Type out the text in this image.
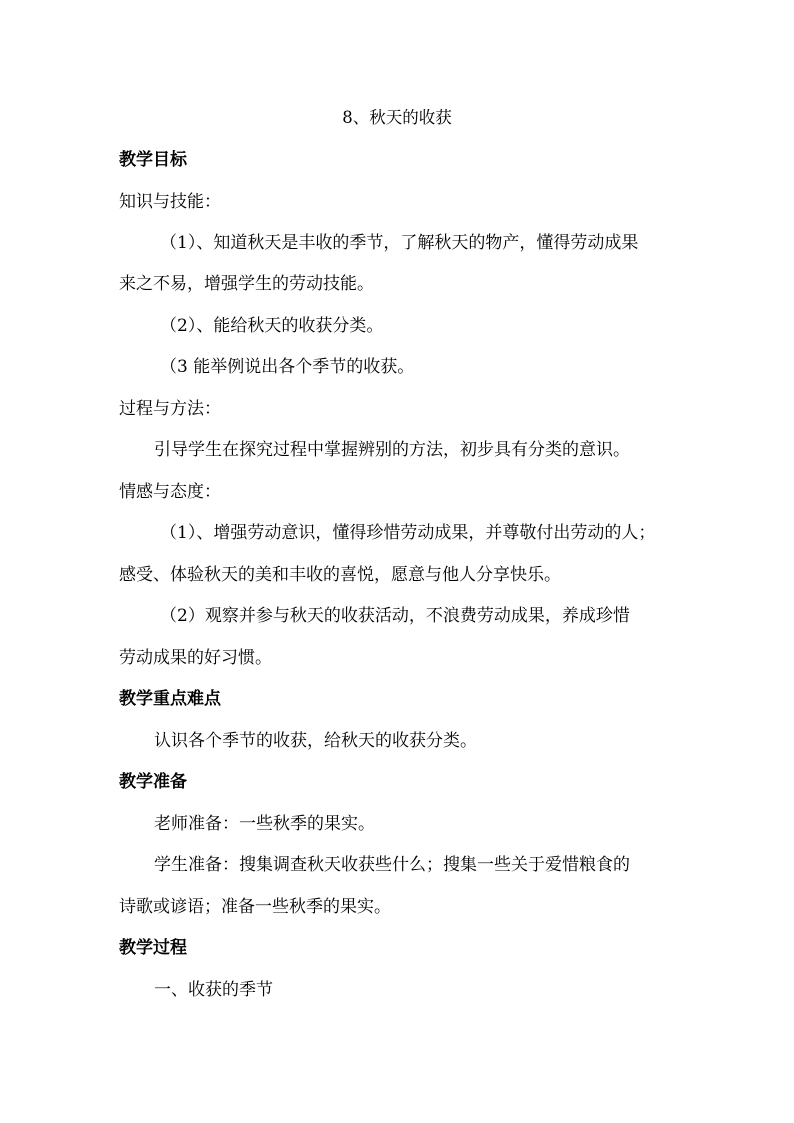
8、秋天的收获
教学目标
知识与技能：
（1）、知道秋天是丰收的季节，了解秋天的物产，懂得劳动成果
来之不易，增强学生的劳动技能。
（2）、能给秋天的收获分类。
（3 能举例说出各个季节的收获。
过程与方法：
引导学生在探究过程中掌握辨别的方法，初步具有分类的意识。
情感与态度：
（1）、增强劳动意识，懂得珍惜劳动成果，并尊敬付出劳动的人；
感受、体验秋天的美和丰收的喜悦，愿意与他人分享快乐。
（2）观察并参与秋天的收获活动，不浪费劳动成果，养成珍惜
劳动成果的好习惯。
教学重点难点
认识各个季节的收获，给秋天的收获分类。
教学准备
老师准备：一些秋季的果实。
学生准备：搜集调查秋天收获些什么；搜集一些关于爱惜粮食的
诗歌或谚语；准备一些秋季的果实。
教学过程
一、收获的季节
